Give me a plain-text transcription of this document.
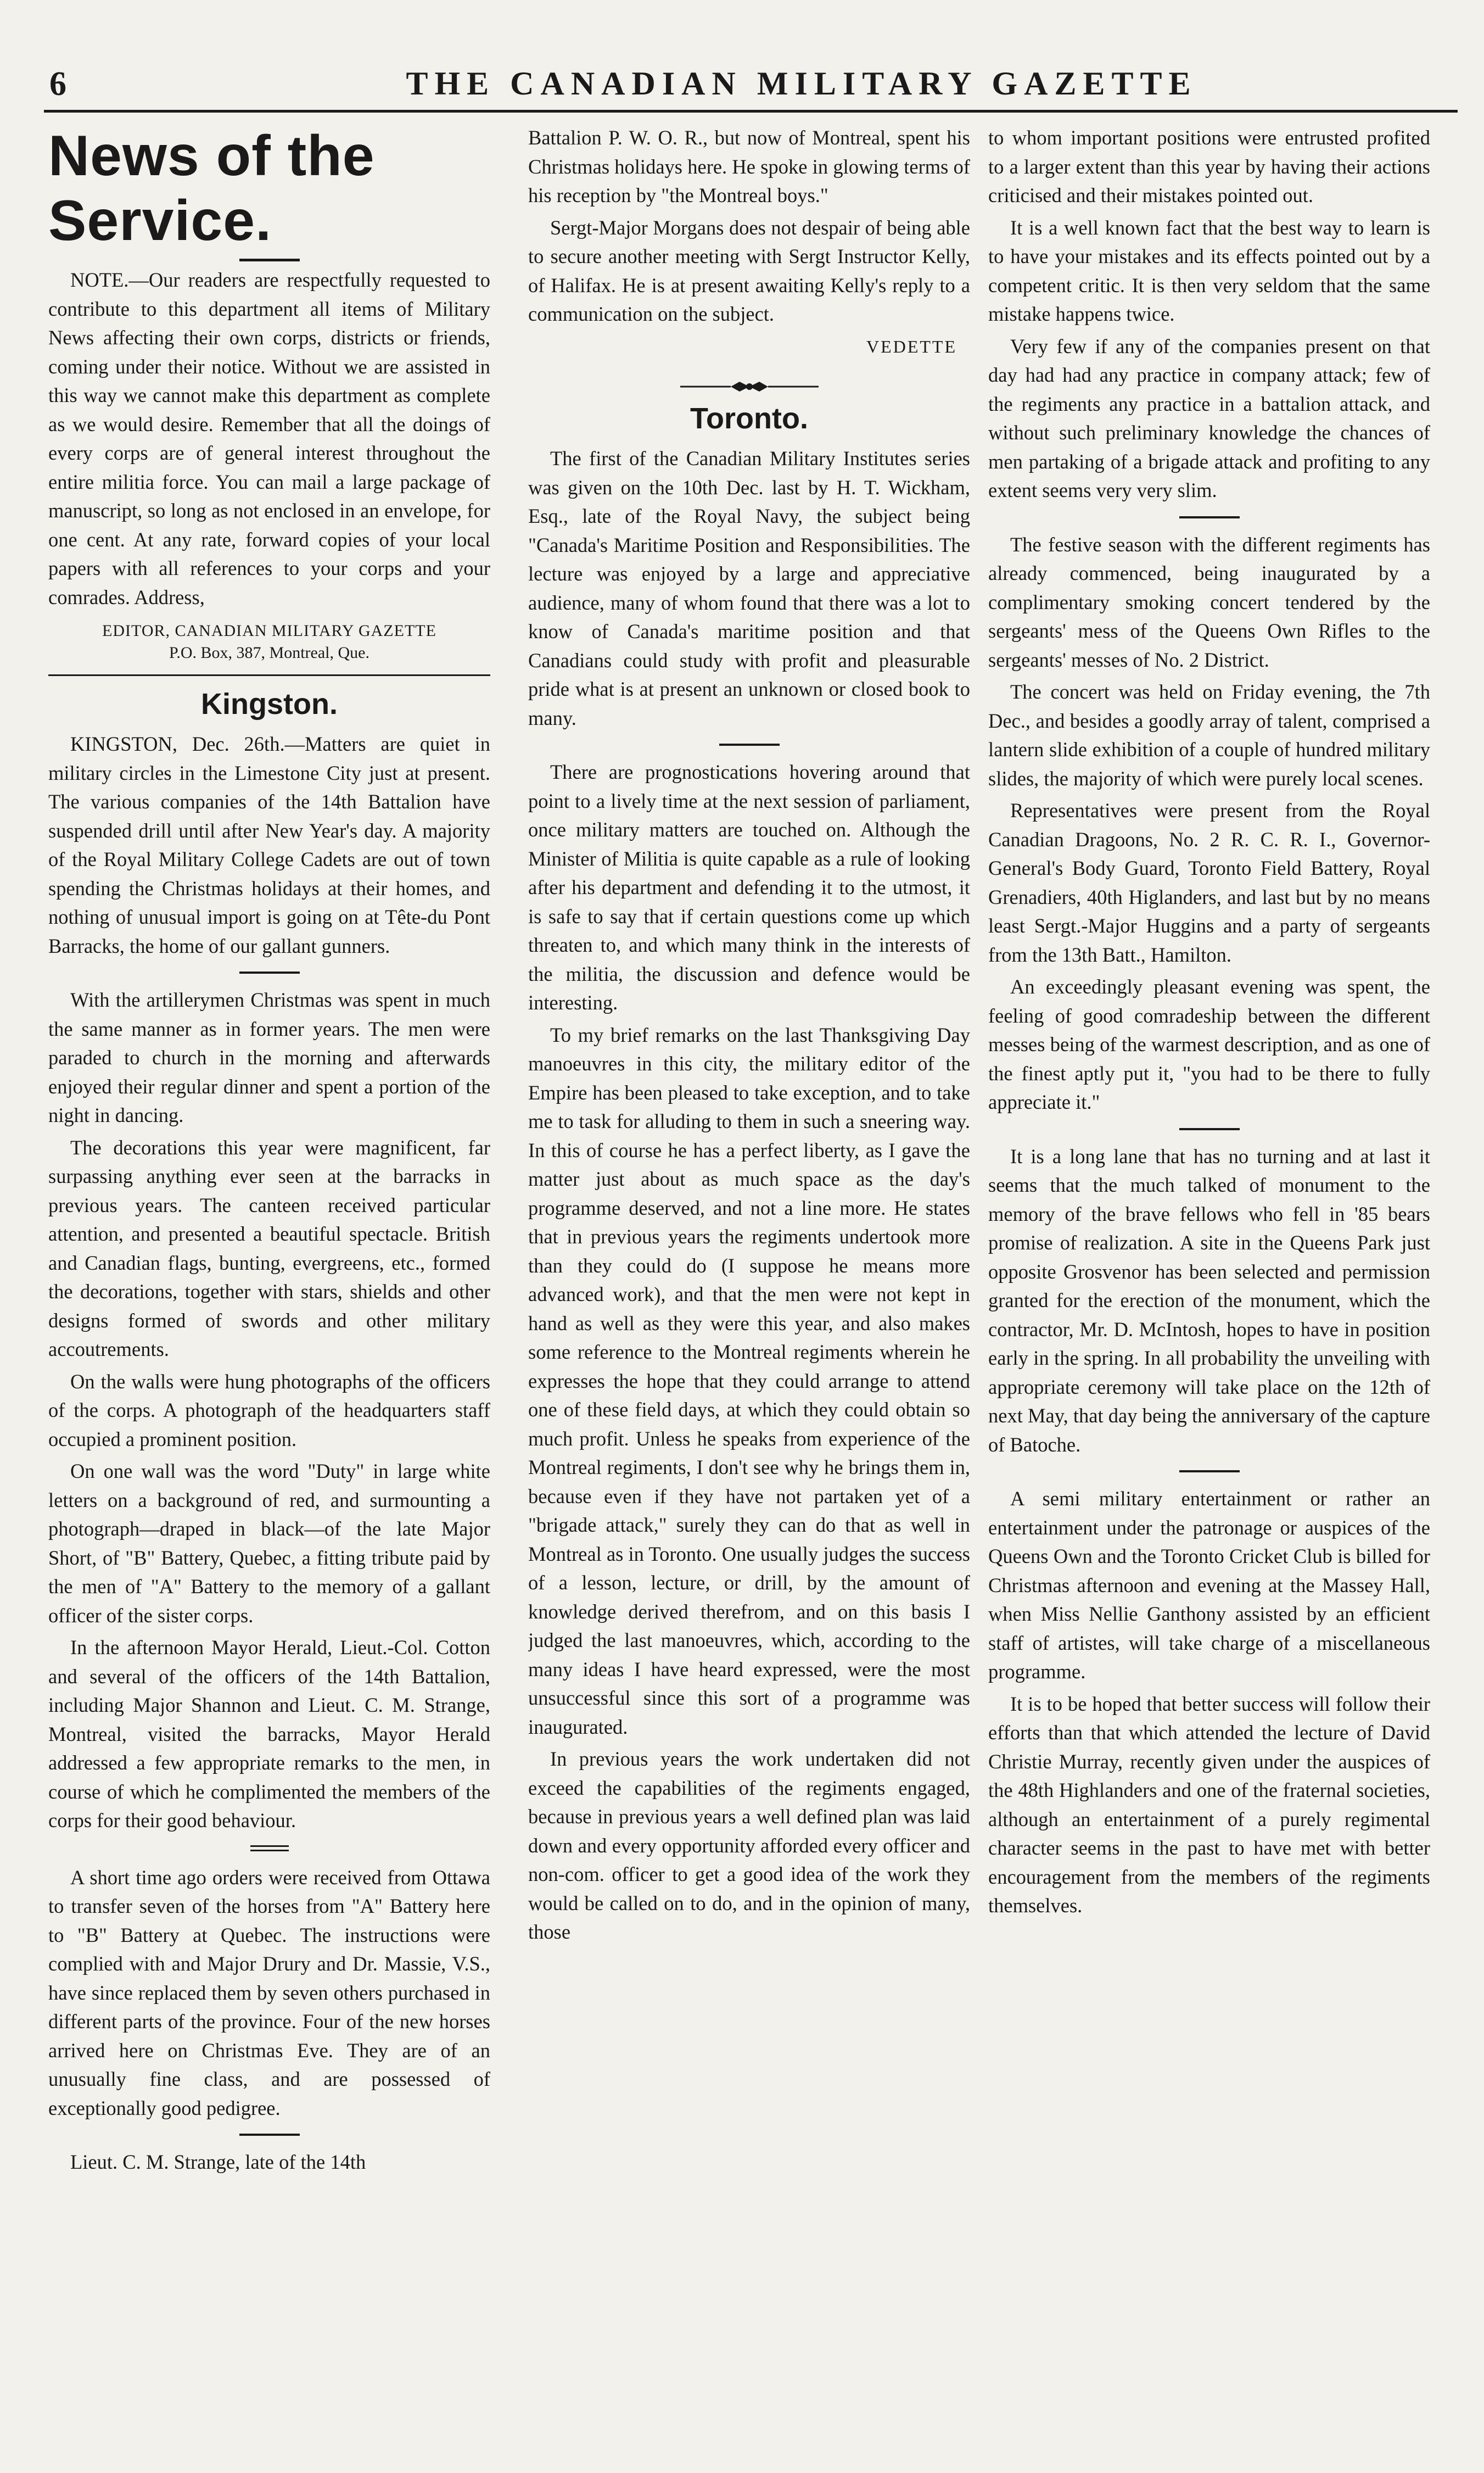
6	THE CANADIAN MILITARY GAZETTE
News of the Service.

NOTE.—Our readers are respectfully requested to contribute to this department all items of Military News affecting their own corps, districts or friends, coming under their notice. Without we are assisted in this way we cannot make this department as complete as we would desire. Remember that all the doings of every corps are of general interest throughout the entire militia force. You can mail a large package of manuscript, so long as not enclosed in an envelope, for one cent. At any rate, forward copies of your local papers with all references to your corps and your comrades. Address,

EDITOR, CANADIAN MILITARY GAZETTE
P.O. Box, 387, Montreal, Que.
Kingston.

KINGSTON, Dec. 26th.—Matters are quiet in military circles in the Limestone City just at present. The various companies of the 14th Battalion have suspended drill until after New Year's day. A majority of the Royal Military College Cadets are out of town spending the Christmas holidays at their homes, and nothing of unusual import is going on at Tête-du Pont Barracks, the home of our gallant gunners.

With the artillerymen Christmas was spent in much the same manner as in former years. The men were paraded to church in the morning and afterwards enjoyed their regular dinner and spent a portion of the night in dancing.

The decorations this year were magnificent, far surpassing anything ever seen at the barracks in previous years. The canteen received particular attention, and presented a beautiful spectacle. British and Canadian flags, bunting, evergreens, etc., formed the decorations, together with stars, shields and other designs formed of swords and other military accoutrements.

On the walls were hung photographs of the officers of the corps. A photograph of the headquarters staff occupied a prominent position.

On one wall was the word "Duty" in large white letters on a background of red, and surmounting a photograph—draped in black—of the late Major Short, of "B" Battery, Quebec, a fitting tribute paid by the men of "A" Battery to the memory of a gallant officer of the sister corps.

In the afternoon Mayor Herald, Lieut.-Col. Cotton and several of the officers of the 14th Battalion, including Major Shannon and Lieut. C. M. Strange, Montreal, visited the barracks, Mayor Herald addressed a few appropriate remarks to the men, in course of which he complimented the members of the corps for their good behaviour.

A short time ago orders were received from Ottawa to transfer seven of the horses from "A" Battery here to "B" Battery at Quebec. The instructions were complied with and Major Drury and Dr. Massie, V.S., have since replaced them by seven others purchased in different parts of the province. Four of the new horses arrived here on Christmas Eve. They are of an unusually fine class, and are possessed of exceptionally good pedigree.

Lieut. C. M. Strange, late of the 14th

Battalion P. W. O. R., but now of Montreal, spent his Christmas holidays here. He spoke in glowing terms of his reception by "the Montreal boys."

Sergt-Major Morgans does not despair of being able to secure another meeting with Sergt Instructor Kelly, of Halifax. He is at present awaiting Kelly's reply to a communication on the subject.

VEDETTE

Toronto.

The first of the Canadian Military Institutes series was given on the 10th Dec. last by H. T. Wickham, Esq., late of the Royal Navy, the subject being "Canada's Maritime Position and Responsibilities. The lecture was enjoyed by a large and appreciative audience, many of whom found that there was a lot to know of Canada's maritime position and that Canadians could study with profit and pleasurable pride what is at present an unknown or closed book to many.

There are prognostications hovering around that point to a lively time at the next session of parliament, once military matters are touched on. Although the Minister of Militia is quite capable as a rule of looking after his department and defending it to the utmost, it is safe to say that if certain questions come up which threaten to, and which many think in the interests of the militia, the discussion and defence would be interesting.

To my brief remarks on the last Thanksgiving Day manoeuvres in this city, the military editor of the Empire has been pleased to take exception, and to take me to task for alluding to them in such a sneering way. In this of course he has a perfect liberty, as I gave the matter just about as much space as the day's programme deserved, and not a line more. He states that in previous years the regiments undertook more than they could do (I suppose he means more advanced work), and that the men were not kept in hand as well as they were this year, and also makes some reference to the Montreal regiments wherein he expresses the hope that they could arrange to attend one of these field days, at which they could obtain so much profit. Unless he speaks from experience of the Montreal regiments, I don't see why he brings them in, because even if they have not partaken yet of a "brigade attack," surely they can do that as well in Montreal as in Toronto. One usually judges the success of a lesson, lecture, or drill, by the amount of knowledge derived therefrom, and on this basis I judged the last manoeuvres, which, according to the many ideas I have heard expressed, were the most unsuccessful since this sort of a programme was inaugurated.

In previous years the work undertaken did not exceed the capabilities of the regiments engaged, because in previous years a well defined plan was laid down and every opportunity afforded every officer and non-com. officer to get a good idea of the work they would be called on to do, and in the opinion of many, those

to whom important positions were entrusted profited to a larger extent than this year by having their actions criticised and their mistakes pointed out.

It is a well known fact that the best way to learn is to have your mistakes and its effects pointed out by a competent critic. It is then very seldom that the same mistake happens twice.

Very few if any of the companies present on that day had had any practice in company attack; few of the regiments any practice in a battalion attack, and without such preliminary knowledge the chances of men partaking of a brigade attack and profiting to any extent seems very very slim.

The festive season with the different regiments has already commenced, being inaugurated by a complimentary smoking concert tendered by the sergeants' mess of the Queens Own Rifles to the sergeants' messes of No. 2 District.

The concert was held on Friday evening, the 7th Dec., and besides a goodly array of talent, comprised a lantern slide exhibition of a couple of hundred military slides, the majority of which were purely local scenes.

Representatives were present from the Royal Canadian Dragoons, No. 2 R. C. R. I., Governor-General's Body Guard, Toronto Field Battery, Royal Grenadiers, 40th Higlanders, and last but by no means least Sergt.-Major Huggins and a party of sergeants from the 13th Batt., Hamilton.

An exceedingly pleasant evening was spent, the feeling of good comradeship between the different messes being of the warmest description, and as one of the finest aptly put it, "you had to be there to fully appreciate it."

It is a long lane that has no turning and at last it seems that the much talked of monument to the memory of the brave fellows who fell in '85 bears promise of realization. A site in the Queens Park just opposite Grosvenor has been selected and permission granted for the erection of the monument, which the contractor, Mr. D. McIntosh, hopes to have in position early in the spring. In all probability the unveiling with appropriate ceremony will take place on the 12th of next May, that day being the anniversary of the capture of Batoche.

A semi military entertainment or rather an entertainment under the patronage or auspices of the Queens Own and the Toronto Cricket Club is billed for Christmas afternoon and evening at the Massey Hall, when Miss Nellie Ganthony assisted by an efficient staff of artistes, will take charge of a miscellaneous programme.

It is to be hoped that better success will follow their efforts than that which attended the lecture of David Christie Murray, recently given under the auspices of the 48th Highlanders and one of the fraternal societies, although an entertainment of a purely regimental character seems in the past to have met with better encouragement from the members of the regiments themselves.
